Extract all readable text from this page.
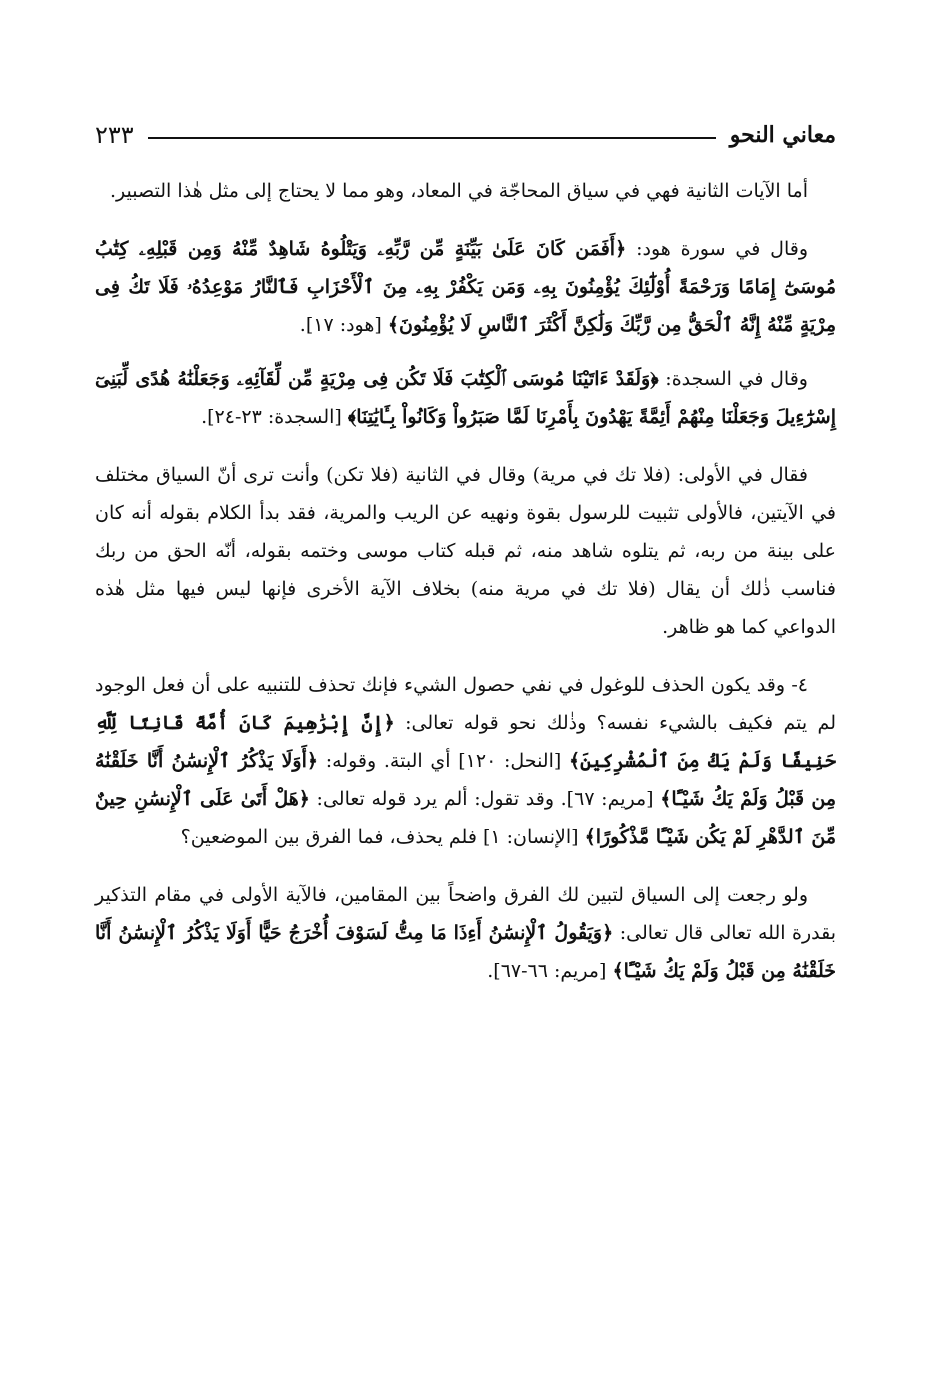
معاني النحو
٢٣٣

أما الآيات الثانية فهي في سياق المحاجّة في المعاد، وهو مما لا يحتاج إلى مثل هٰذا التصبير.

وقال في سورة هود: ﴿أَفَمَن كَانَ عَلَىٰ بَيِّنَةٍ مِّن رَّبِّهِۦ وَيَتْلُوهُ شَاهِدٌ مِّنْهُ وَمِن قَبْلِهِۦ كِتَٰبُ مُوسَىٰٓ إِمَامًا وَرَحْمَةً أُوْلَٰٓئِكَ يُؤْمِنُونَ بِهِۦ وَمَن يَكْفُرْ بِهِۦ مِنَ ٱلْأَحْزَابِ فَٱلنَّارُ مَوْعِدُهُۥ فَلَا تَكُ فِى مِرْيَةٍ مِّنْهُ إِنَّهُ ٱلْحَقُّ مِن رَّبِّكَ وَلَٰكِنَّ أَكْثَرَ ٱلنَّاسِ لَا يُؤْمِنُونَ﴾ [هود: ١٧].

وقال في السجدة: ﴿وَلَقَدْ ءَاتَيْنَا مُوسَى ٱلْكِتَٰبَ فَلَا تَكُن فِى مِرْيَةٍ مِّن لِّقَآئِهِۦ وَجَعَلْنَٰهُ هُدًى لِّبَنِىٓ إِسْرَٰٓءِيلَ وَجَعَلْنَا مِنْهُمْ أَئِمَّةً يَهْدُونَ بِأَمْرِنَا لَمَّا صَبَرُواْ وَكَانُواْ بِـَٔايَٰتِنَا﴾ [السجدة: ٢٣-٢٤].

فقال في الأولى: (فلا تك في مرية) وقال في الثانية (فلا تكن) وأنت ترى أنّ السياق مختلف في الآيتين، فالأولى تثبيت للرسول بقوة ونهيه عن الريب والمرية، فقد بدأ الكلام بقوله أنه كان على بينة من ربه، ثم يتلوه شاهد منه، ثم قبله كتاب موسى وختمه بقوله، أنّه الحق من ربك فناسب ذٰلك أن يقال (فلا تك في مرية منه) بخلاف الآية الأخرى فإنها ليس فيها مثل هٰذه الدواعي كما هو ظاهر.

٤- وقد يكون الحذف للوغول في نفي حصول الشيء فإنك تحذف للتنبيه على أن فعل الوجود لم يتم فكيف بالشيء نفسه؟ وذٰلك نحو قوله تعالى: ﴿إِنَّ إِبْرَٰهِيمَ كَانَ أُمَّةً قَانِتًا لِّلَّهِ حَنِيفًا وَلَمْ يَكُ مِنَ ٱلْمُشْرِكِينَ﴾ [النحل: ١٢٠] أي البتة. وقوله: ﴿أَوَلَا يَذْكُرُ ٱلْإِنسَٰنُ أَنَّا خَلَقْنَٰهُ مِن قَبْلُ وَلَمْ يَكُ شَيْـًٔا﴾ [مريم: ٦٧]. وقد تقول: ألم يرد قوله تعالى: ﴿هَلْ أَتَىٰ عَلَى ٱلْإِنسَٰنِ حِينٌ مِّنَ ٱلدَّهْرِ لَمْ يَكُن شَيْـًٔا مَّذْكُورًا﴾ [الإنسان: ١] فلم يحذف، فما الفرق بين الموضعين؟

ولو رجعت إلى السياق لتبين لك الفرق واضحاً بين المقامين، فالآية الأولى في مقام التذكير بقدرة الله تعالى قال تعالى: ﴿وَيَقُولُ ٱلْإِنسَٰنُ أَءِذَا مَا مِتُّ لَسَوْفَ أُخْرَجُ حَيًّا أَوَلَا يَذْكُرُ ٱلْإِنسَٰنُ أَنَّا خَلَقْنَٰهُ مِن قَبْلُ وَلَمْ يَكُ شَيْـًٔا﴾ [مريم: ٦٦-٦٧].
